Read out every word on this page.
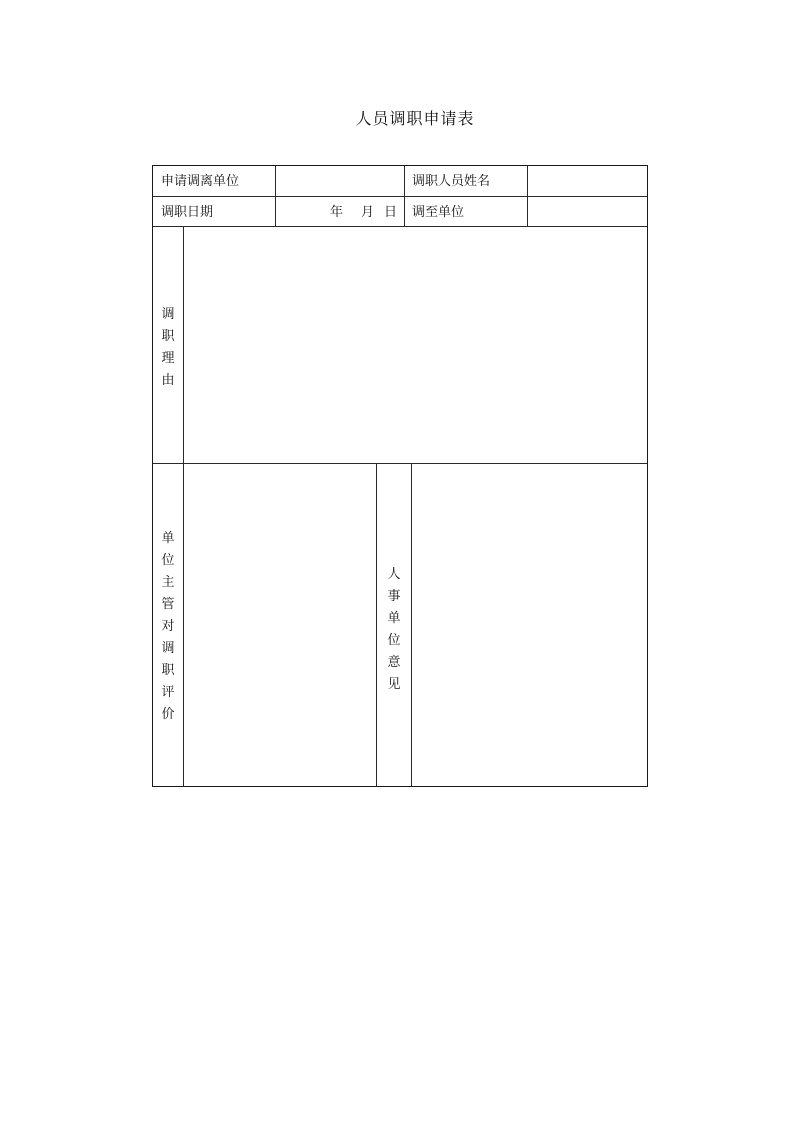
人员调职申请表
申请调离单位	调职人员姓名
调职日期	年 月 日 调至单位
调
职
理
由
单
位
主
管
对
调
职
评
价
人
事
单
位
意
见
